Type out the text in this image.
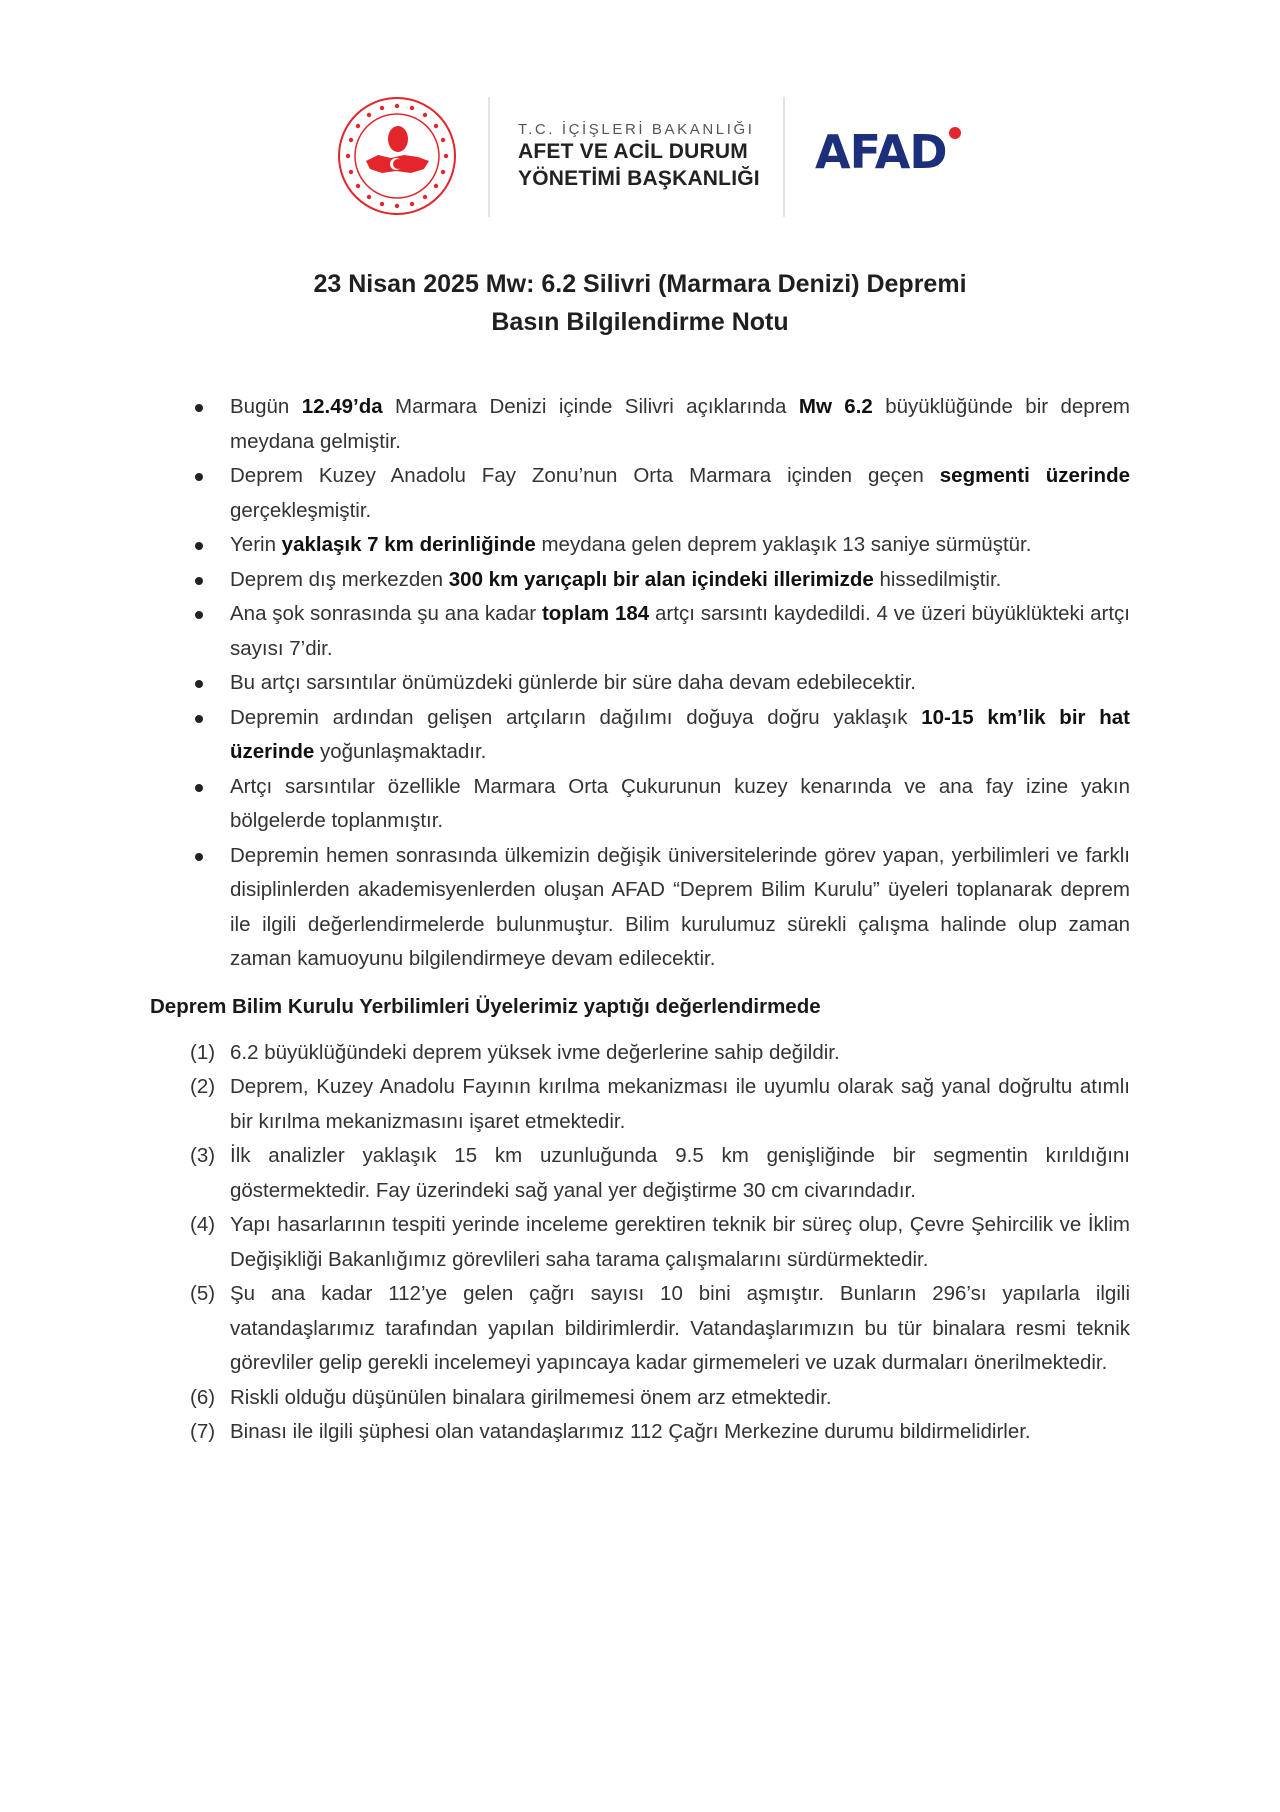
T.C. İÇİŞLERİ BAKANLIĞI
AFET VE ACİL DURUM
YÖNETİMİ BAŞKANLIĞI	AFAD
23 Nisan 2025 Mw: 6.2 Silivri (Marmara Denizi) Depremi
Basın Bilgilendirme Notu
Bugün 12.49’da Marmara Denizi içinde Silivri açıklarında Mw 6.2 büyüklüğünde bir deprem meydana gelmiştir.
Deprem Kuzey Anadolu Fay Zonu’nun Orta Marmara içinden geçen segmenti üzerinde gerçekleşmiştir.
Yerin yaklaşık 7 km derinliğinde meydana gelen deprem yaklaşık 13 saniye sürmüştür.
Deprem dış merkezden 300 km yarıçaplı bir alan içindeki illerimizde hissedilmiştir.
Ana şok sonrasında şu ana kadar toplam 184 artçı sarsıntı kaydedildi. 4 ve üzeri büyüklükteki artçı sayısı 7’dir.
Bu artçı sarsıntılar önümüzdeki günlerde bir süre daha devam edebilecektir.
Depremin ardından gelişen artçıların dağılımı doğuya doğru yaklaşık 10-15 km’lik bir hat üzerinde yoğunlaşmaktadır.
Artçı sarsıntılar özellikle Marmara Orta Çukurunun kuzey kenarında ve ana fay izine yakın bölgelerde toplanmıştır.
Depremin hemen sonrasında ülkemizin değişik üniversitelerinde görev yapan, yerbilimleri ve farklı disiplinlerden akademisyenlerden oluşan AFAD “Deprem Bilim Kurulu” üyeleri toplanarak deprem ile ilgili değerlendirmelerde bulunmuştur. Bilim kurulumuz sürekli çalışma halinde olup zaman zaman kamuoyunu bilgilendirmeye devam edilecektir.
Deprem Bilim Kurulu Yerbilimleri Üyelerimiz yaptığı değerlendirmede
(1) 6.2 büyüklüğündeki deprem yüksek ivme değerlerine sahip değildir.
(2) Deprem, Kuzey Anadolu Fayının kırılma mekanizması ile uyumlu olarak sağ yanal doğrultu atımlı bir kırılma mekanizmasını işaret etmektedir.
(3) İlk analizler yaklaşık 15 km uzunluğunda 9.5 km genişliğinde bir segmentin kırıldığını göstermektedir. Fay üzerindeki sağ yanal yer değiştirme 30 cm civarındadır.
(4) Yapı hasarlarının tespiti yerinde inceleme gerektiren teknik bir süreç olup, Çevre Şehircilik ve İklim Değişikliği Bakanlığımız görevlileri saha tarama çalışmalarını sürdürmektedir.
(5) Şu ana kadar 112’ye gelen çağrı sayısı 10 bini aşmıştır. Bunların 296’sı yapılarla ilgili vatandaşlarımız tarafından yapılan bildirimlerdir. Vatandaşlarımızın bu tür binalara resmi teknik görevliler gelip gerekli incelemeyi yapıncaya kadar girmemeleri ve uzak durmaları önerilmektedir.
(6) Riskli olduğu düşünülen binalara girilmemesi önem arz etmektedir.
(7) Binası ile ilgili şüphesi olan vatandaşlarımız 112 Çağrı Merkezine durumu bildirmelidirler.
